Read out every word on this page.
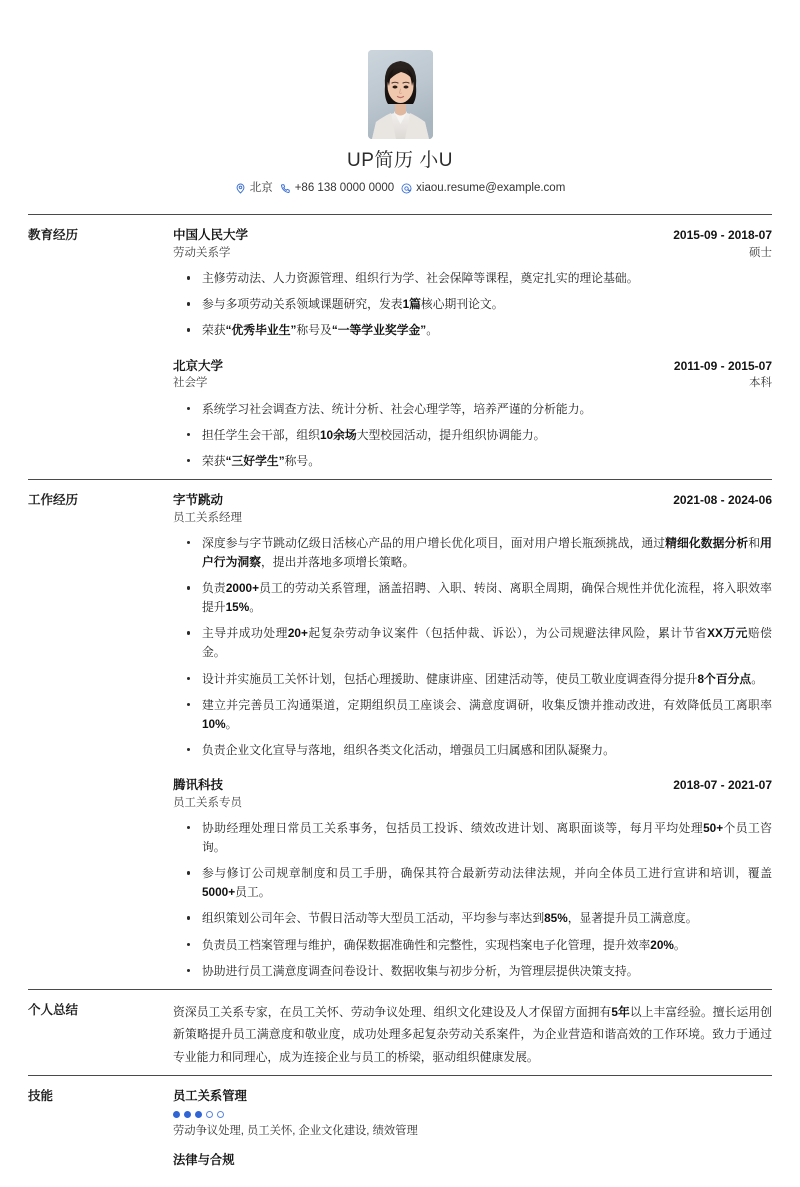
UP简历 小U
北京 +86 138 0000 0000 xiaou.resume@example.com
教育经历	中国人民大学	2015-09 - 2018-07
劳动关系学	硕士
主修劳动法、人力资源管理、组织行为学、社会保障等课程，奠定扎实的理论基础。
参与多项劳动关系领域课题研究，发表1篇核心期刊论文。
荣获“优秀毕业生”称号及“一等学业奖学金”。
北京大学	2011-09 - 2015-07
社会学	本科
系统学习社会调查方法、统计分析、社会心理学等，培养严谨的分析能力。
担任学生会干部，组织10余场大型校园活动，提升组织协调能力。
荣获“三好学生”称号。
工作经历	字节跳动	2021-08 - 2024-06
员工关系经理
深度参与字节跳动亿级日活核心产品的用户增长优化项目，面对用户增长瓶颈挑战，通过精细化数据分析和用户行为洞察，提出并落地多项增长策略。
负责2000+员工的劳动关系管理，涵盖招聘、入职、转岗、离职全周期，确保合规性并优化流程，将入职效率提升15%。
主导并成功处理20+起复杂劳动争议案件（包括仲裁、诉讼），为公司规避法律风险，累计节省XX万元赔偿金。
设计并实施员工关怀计划，包括心理援助、健康讲座、团建活动等，使员工敬业度调查得分提升8个百分点。
建立并完善员工沟通渠道，定期组织员工座谈会、满意度调研，收集反馈并推动改进，有效降低员工离职率10%。
负责企业文化宣导与落地，组织各类文化活动，增强员工归属感和团队凝聚力。
腾讯科技	2018-07 - 2021-07
员工关系专员
协助经理处理日常员工关系事务，包括员工投诉、绩效改进计划、离职面谈等，每月平均处理50+个员工咨询。
参与修订公司规章制度和员工手册，确保其符合最新劳动法律法规，并向全体员工进行宣讲和培训，覆盖5000+员工。
组织策划公司年会、节假日活动等大型员工活动，平均参与率达到85%，显著提升员工满意度。
负责员工档案管理与维护，确保数据准确性和完整性，实现档案电子化管理，提升效率20%。
协助进行员工满意度调查问卷设计、数据收集与初步分析，为管理层提供决策支持。
个人总结	资深员工关系专家，在员工关怀、劳动争议处理、组织文化建设及人才保留方面拥有5年以上丰富经验。擅长运用创新策略提升员工满意度和敬业度，成功处理多起复杂劳动关系案件，为企业营造和谐高效的工作环境。致力于通过专业能力和同理心，成为连接企业与员工的桥梁，驱动组织健康发展。
技能	员工关系管理
劳动争议处理, 员工关怀, 企业文化建设, 绩效管理
法律与合规
